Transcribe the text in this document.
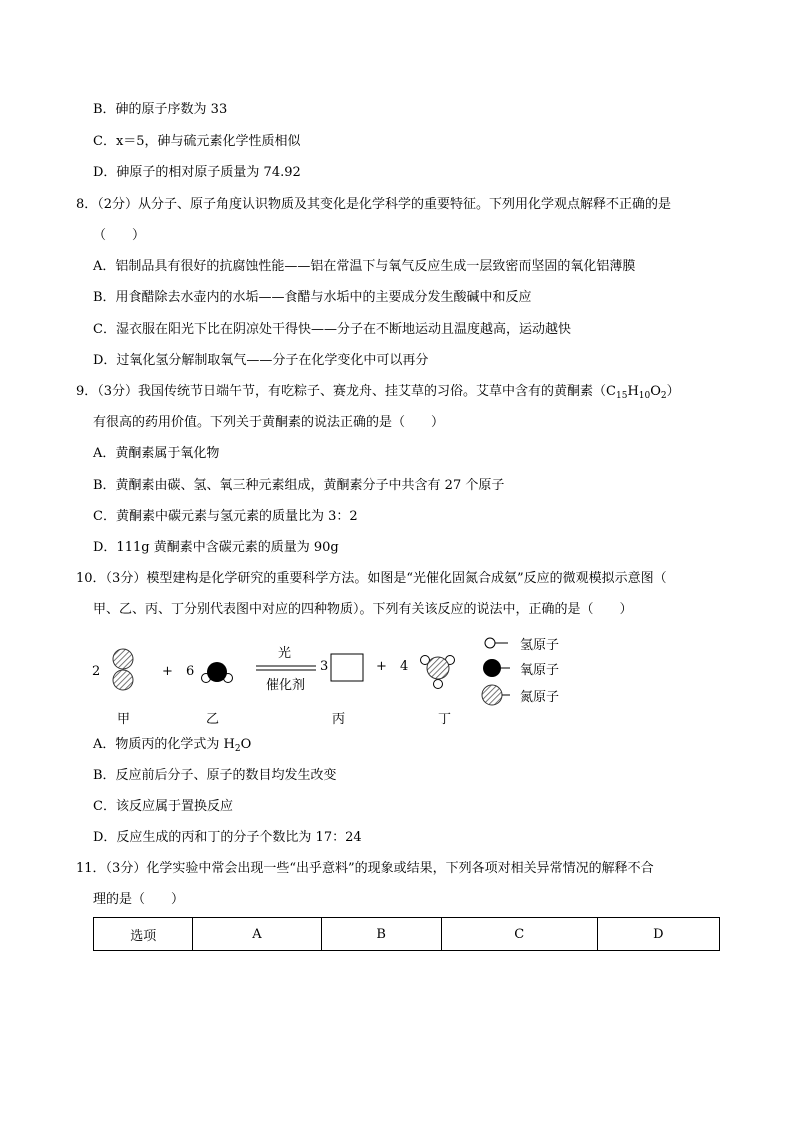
B．砷的原子序数为 33
C．x＝5，砷与硫元素化学性质相似
D．砷原子的相对原子质量为 74.92
8．（2分）从分子、原子角度认识物质及其变化是化学科学的重要特征。下列用化学观点解释不正确的是
（　　）
A．铝制品具有很好的抗腐蚀性能——铝在常温下与氧气反应生成一层致密而坚固的氧化铝薄膜
B．用食醋除去水壶内的水垢——食醋与水垢中的主要成分发生酸碱中和反应
C．湿衣服在阳光下比在阴凉处干得快——分子在不断地运动且温度越高，运动越快
D．过氧化氢分解制取氧气——分子在化学变化中可以再分
9．（3分）我国传统节日端午节，有吃粽子、赛龙舟、挂艾草的习俗。艾草中含有的黄酮素$(C_{15}H_{10}O_2)$
有很高的药用价值。下列关于黄酮素的说法正确的是（　　）
A．黄酮素属于氧化物
B．黄酮素由碳、氢、氧三种元素组成，黄酮素分子中共含有 27 个原子
C．黄酮素中碳元素与氢元素的质量比为 3：2
D．111g 黄酮素中含碳元素的质量为 90g
10．（3分）模型建构是化学研究的重要科学方法。如图是“光催化固氮合成氨”反应的微观模拟示意图（
甲、乙、丙、丁分别代表图中对应的四种物质）。下列有关该反应的说法中，正确的是（　　）
2	+ 6
光
催化剂
3	+ 4
氢原子
氧原子
氮原子
甲	乙	丙	丁
A．物质丙的化学式为 $H_2O$
B．反应前后分子、原子的数目均发生改变
C．该反应属于置换反应
D．反应生成的丙和丁的分子个数比为 17：24
11．（3分）化学实验中常会出现一些“出乎意料”的现象或结果，下列各项对相关异常情况的解释不合
理的是（　　）
选项	A	B	C	D
